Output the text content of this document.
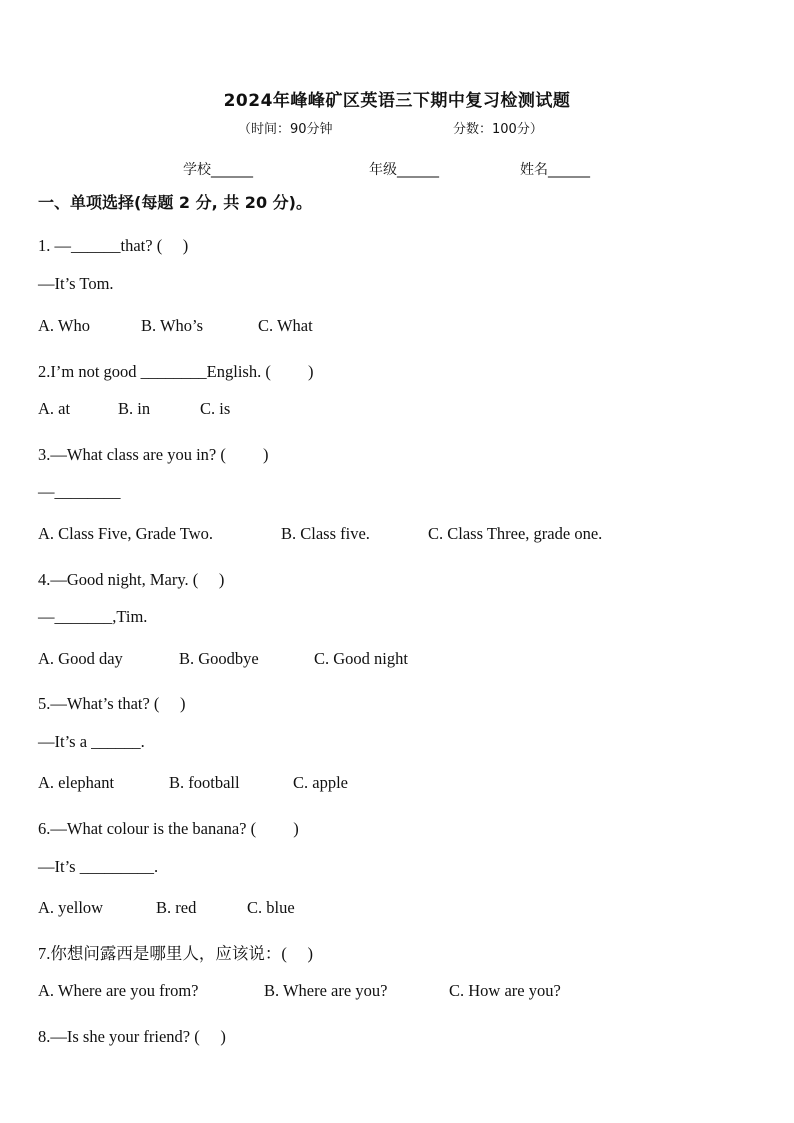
2024年峰峰矿区英语三下期中复习检测试题
（时间：90分钟	分数：100分）
学校______	年级______	姓名______
一、单项选择(每题 2 分, 共 20 分)。
1. —______that? (　 )
—It’s Tom.
A. Who	B. Who’s	C. What
2.I’m not good ________English. (　 　)
A. at	B. in	C. is
3.—What class are you in? (　 　)
—________
A. Class Five, Grade Two.	B. Class five.	C. Class Three, grade one.
4.—Good night, Mary. (　 )
—_______,Tim.
A. Good day	B. Goodbye	C. Good night
5.—What’s that? (　 )
—It’s a ______.
A. elephant	B. football	C. apple
6.—What colour is the banana? (　 　)
—It’s _________.
A. yellow	B. red	C. blue
7.你想问露西是哪里人，应该说：(　 )
A. Where are you from?	B. Where are you?	C. How are you?
8.—Is she your friend? (　 )
